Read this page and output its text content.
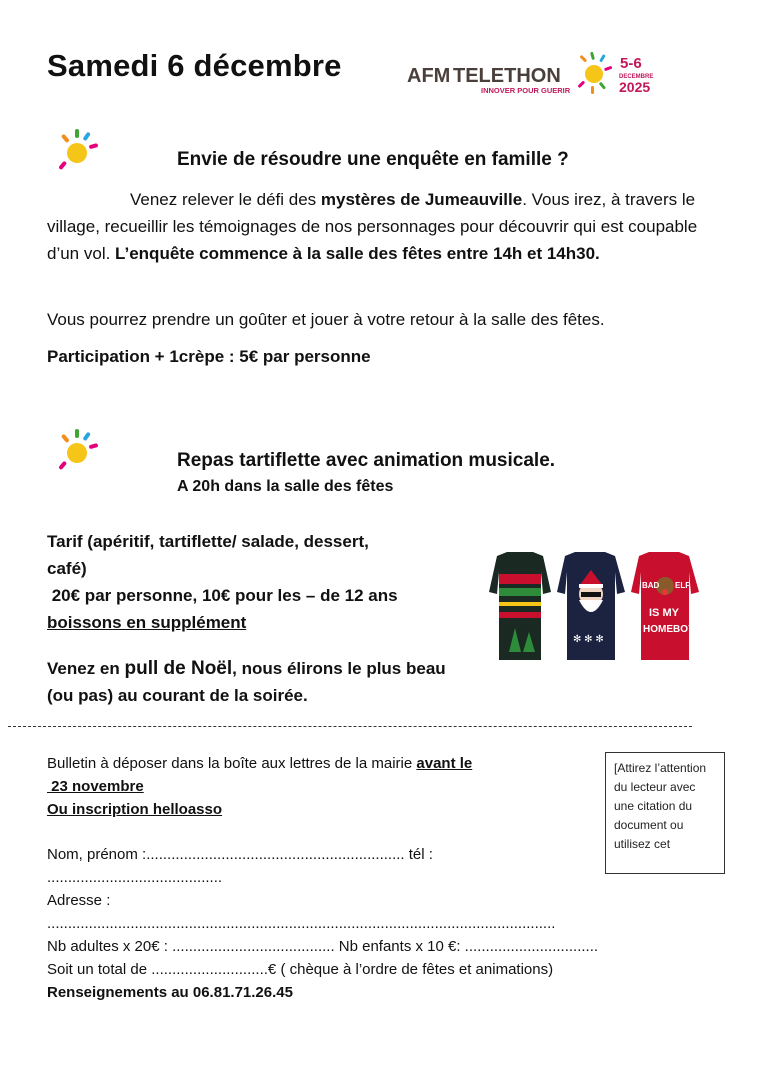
Samedi 6 décembre	AFM TELETHON
INNOVER POUR GUERIR
5-6
DECEMBRE
2025
Envie de résoudre une enquête en famille ?
Venez relever le défi des mystères de Jumeauville. Vous irez, à travers le village, recueillir les témoignages de nos personnages pour découvrir qui est coupable d’un vol. L’enquête commence à la salle des fêtes entre 14h et 14h30.
Vous pourrez prendre un goûter et jouer à votre retour à la salle des fêtes.
Participation + 1crèpe : 5€ par personne
Repas tartiflette avec animation musicale.
A 20h dans la salle des fêtes
Tarif (apéritif, tartiflette/ salade, dessert,
café)
20€ par personne, 10€ pour les – de 12 ans
boissons en supplément
Venez en pull de Noël, nous élirons le plus beau (ou pas) au courant de la soirée.
✻ ✻ ✻
BAD ELF
IS MY
HOMEBOY
Bulletin à déposer dans la boîte aux lettres de la mairie avant le
23 novembre
Ou inscription helloasso
Nom, prénom :.............................................................. tél :
..........................................
Adresse :
..........................................................................................................................
Nb adultes x 20€ : ....................................... Nb enfants x 10 €: ................................
Soit un total de ............................€ ( chèque à l’ordre de fêtes et animations)
Renseignements au 06.81.71.26.45
[Attirez l’attention du lecteur avec une citation du document ou utilisez cet
